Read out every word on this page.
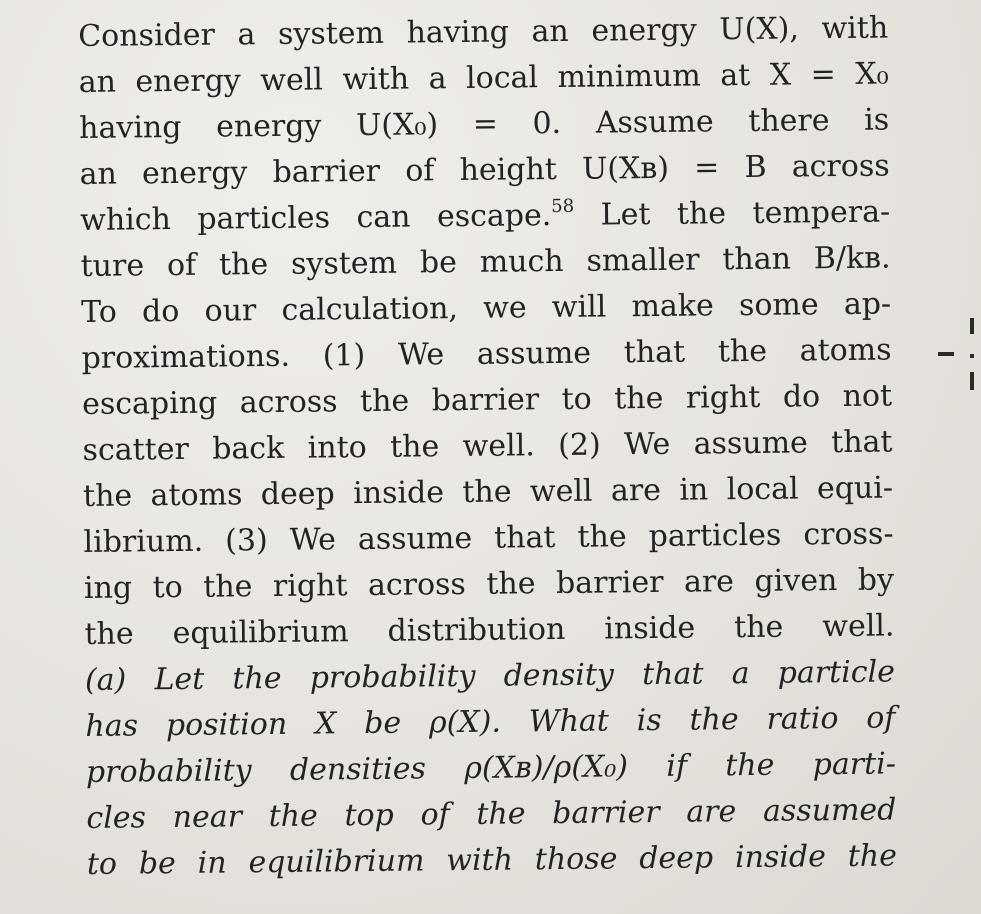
Consider a system having an energy U(X), with
an energy well with a local minimum at X = X₀
having energy U(X₀) = 0. Assume there is
an energy barrier of height U(Xʙ) = B across
which particles can escape.$^{58}$ Let the tempera-
ture of the system be much smaller than B/kʙ.
To do our calculation, we will make some ap-
proximations. (1) We assume that the atoms
escaping across the barrier to the right do not
scatter back into the well. (2) We assume that
the atoms deep inside the well are in local equi-
librium. (3) We assume that the particles cross-
ing to the right across the barrier are given by
the equilibrium distribution inside the well.
(a) Let the probability density that a particle
has position X be ρ(X). What is the ratio of
probability densities ρ(Xʙ)/ρ(X₀) if the parti-
cles near the top of the barrier are assumed
to be in equilibrium with those deep inside the
